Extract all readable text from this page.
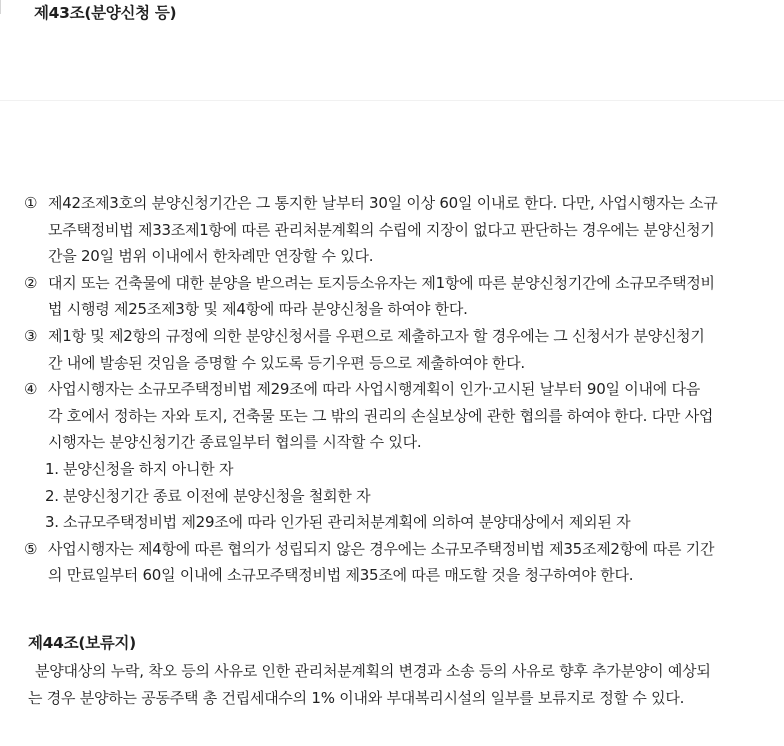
제43조(분양신청 등)
① 제42조제3호의 분양신청기간은 그 통지한 날부터 30일 이상 60일 이내로 한다. 다만, 사업시행자는 소규모주택정비법 제33조제1항에 따른 관리처분계획의 수립에 지장이 없다고 판단하는 경우에는 분양신청기간을 20일 범위 이내에서 한차례만 연장할 수 있다.
② 대지 또는 건축물에 대한 분양을 받으려는 토지등소유자는 제1항에 따른 분양신청기간에 소규모주택정비법 시행령 제25조제3항 및 제4항에 따라 분양신청을 하여야 한다.
③ 제1항 및 제2항의 규정에 의한 분양신청서를 우편으로 제출하고자 할 경우에는 그 신청서가 분양신청기간 내에 발송된 것임을 증명할 수 있도록 등기우편 등으로 제출하여야 한다.
④ 사업시행자는 소규모주택정비법 제29조에 따라 사업시행계획이 인가·고시된 날부터 90일 이내에 다음 각 호에서 정하는 자와 토지, 건축물 또는 그 밖의 권리의 손실보상에 관한 협의를 하여야 한다. 다만 사업시행자는 분양신청기간 종료일부터 협의를 시작할 수 있다.
1. 분양신청을 하지 아니한 자
2. 분양신청기간 종료 이전에 분양신청을 철회한 자
3. 소규모주택정비법 제29조에 따라 인가된 관리처분계획에 의하여 분양대상에서 제외된 자
⑤ 사업시행자는 제4항에 따른 협의가 성립되지 않은 경우에는 소규모주택정비법 제35조제2항에 따른 기간의 만료일부터 60일 이내에 소규모주택정비법 제35조에 따른 매도할 것을 청구하여야 한다.
제44조(보류지)
분양대상의 누락, 착오 등의 사유로 인한 관리처분계획의 변경과 소송 등의 사유로 향후 추가분양이 예상되는 경우 분양하는 공동주택 총 건립세대수의 1% 이내와 부대복리시설의 일부를 보류지로 정할 수 있다.
